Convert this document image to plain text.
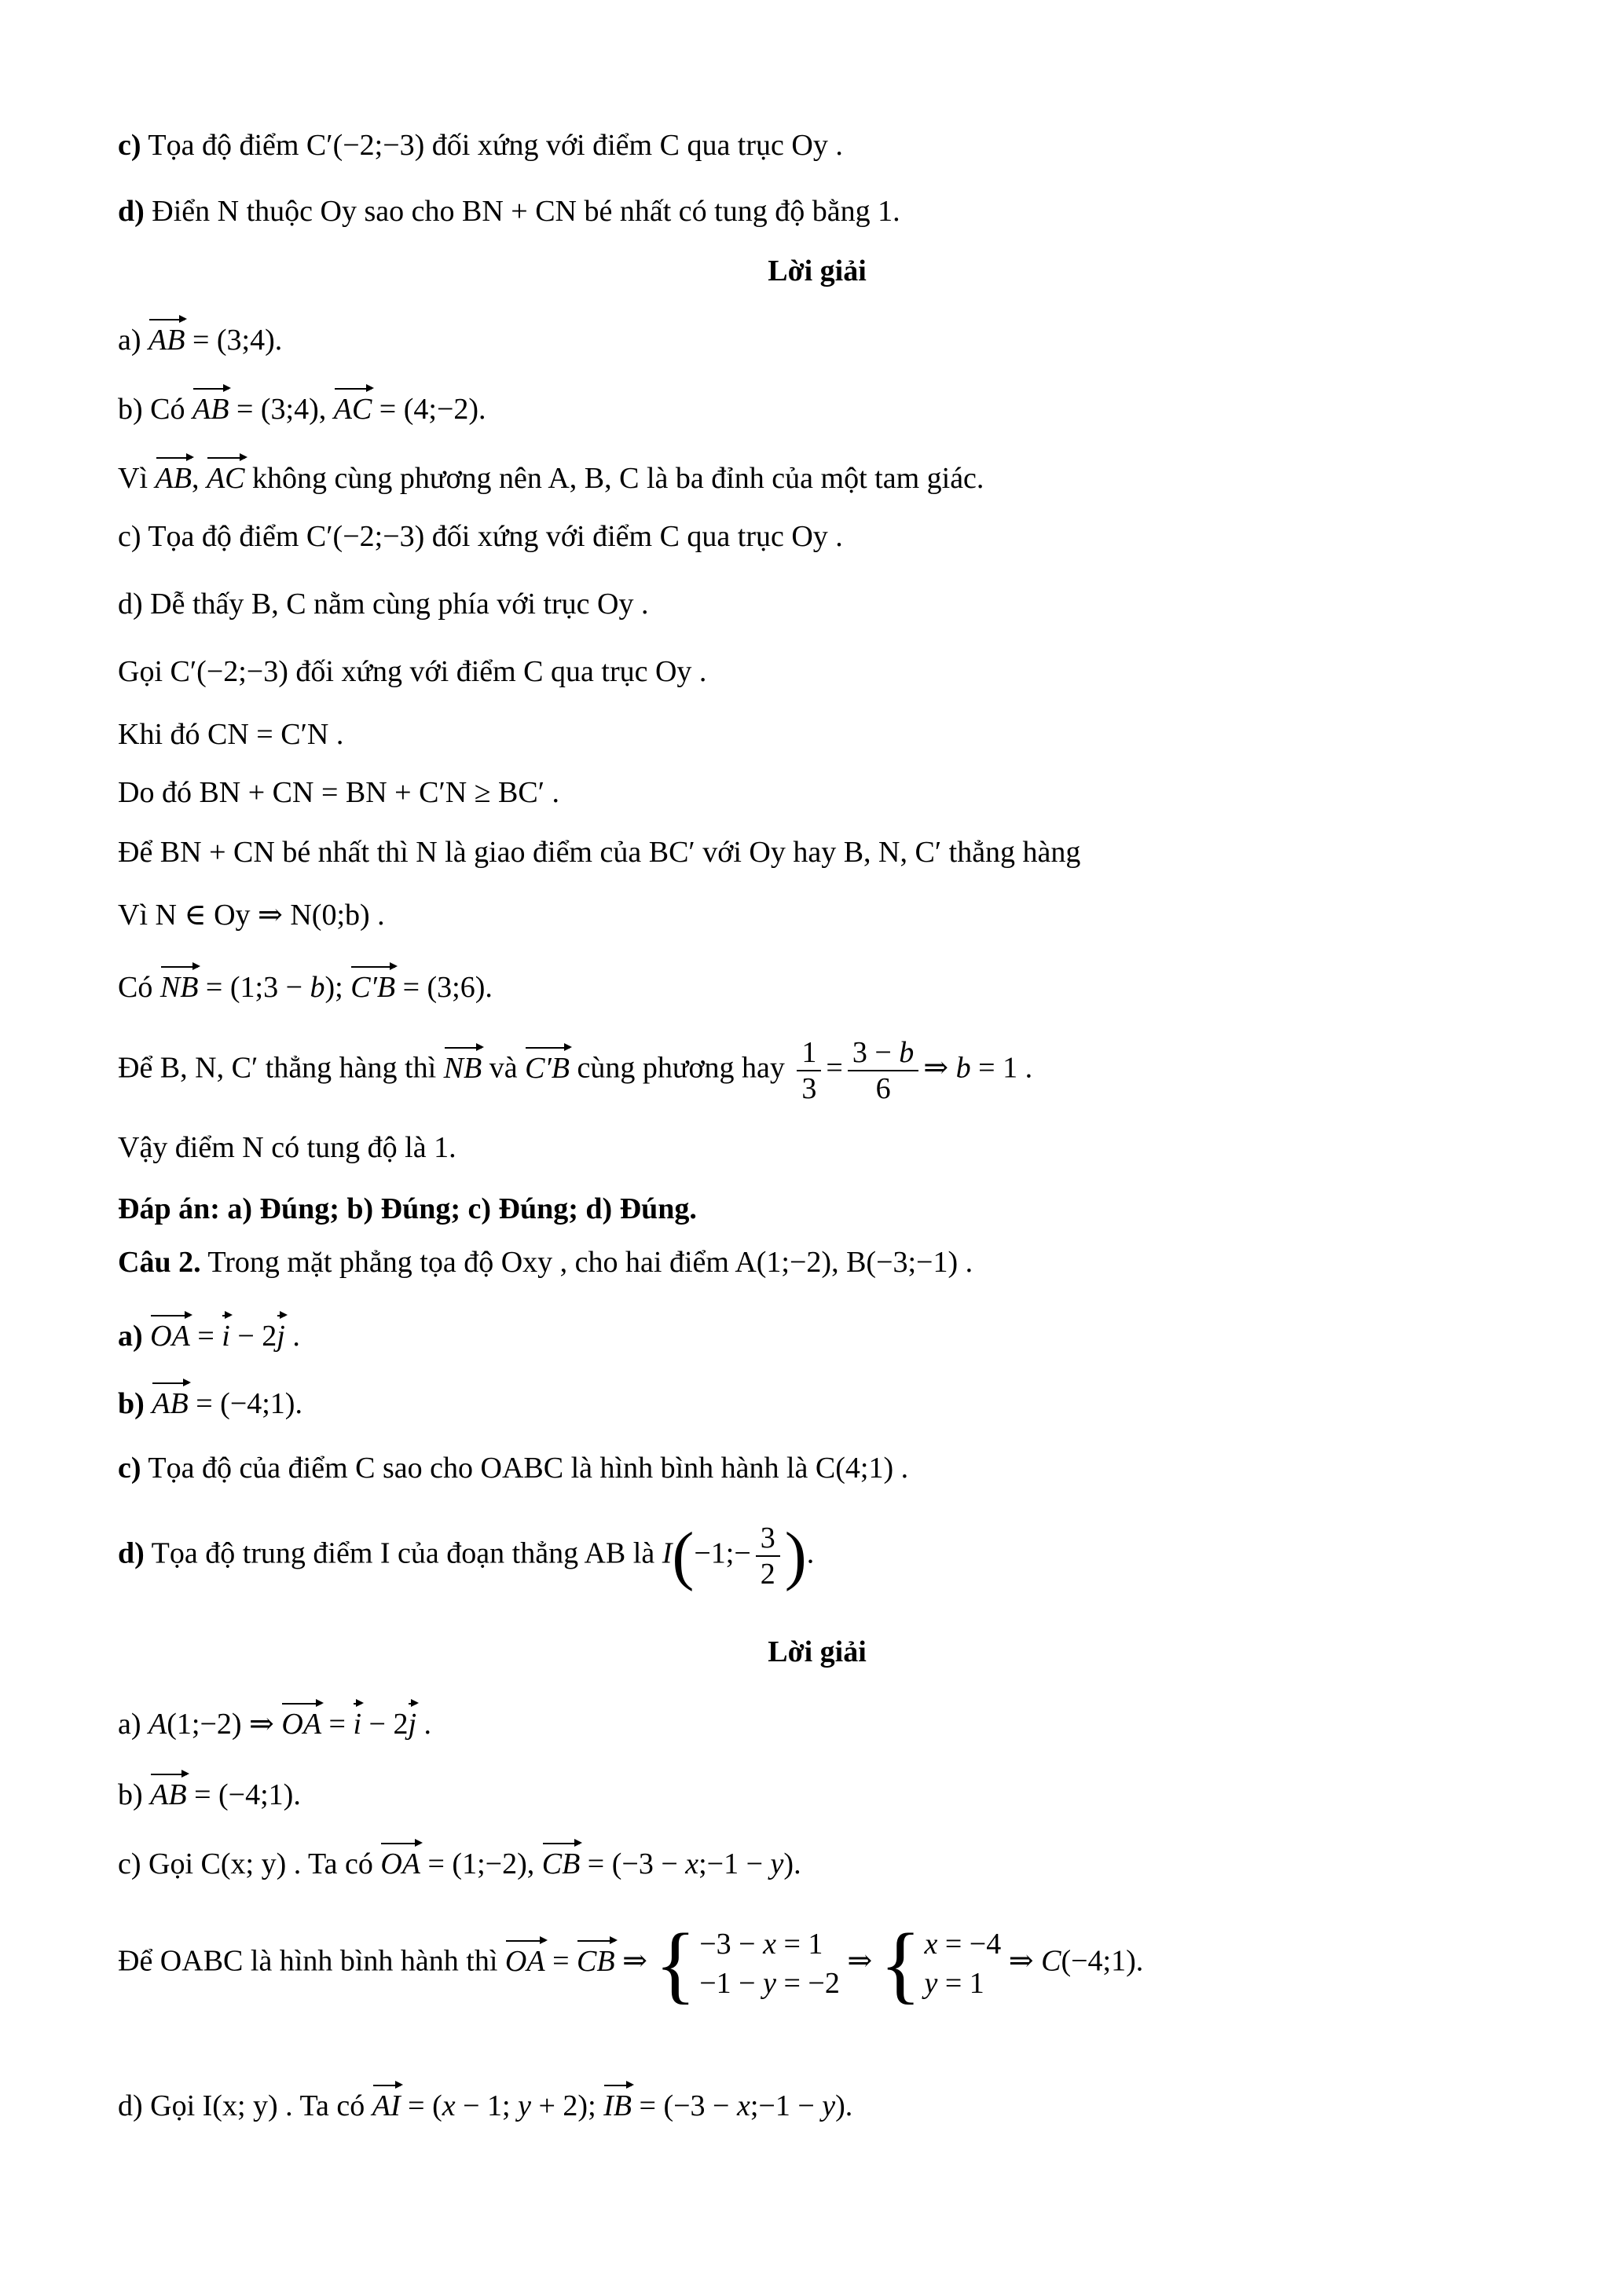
c) Tọa độ điểm C′(−2;−3) đối xứng với điểm C qua trục Oy .
d) Điển N thuộc Oy sao cho BN + CN bé nhất có tung độ bằng 1.
Lời giải
a) AB = (3;4).
b) Có AB = (3;4), AC = (4;−2).
Vì AB, AC không cùng phương nên A, B, C là ba đỉnh của một tam giác.
c) Tọa độ điểm C′(−2;−3) đối xứng với điểm C qua trục Oy .
d) Dễ thấy B, C nằm cùng phía với trục Oy .
Gọi C′(−2;−3) đối xứng với điểm C qua trục Oy .
Khi đó CN = C′N .
Do đó BN + CN = BN + C′N ≥ BC′ .
Để BN + CN bé nhất thì N là giao điểm của BC′ với Oy hay B, N, C′ thẳng hàng
Vì N ∈ Oy ⇒ N(0;b) .
Có NB = (1;3 − b); C′B = (3;6).
Để B, N, C′ thẳng hàng thì NB và C′B cùng phương hay $\frac{1}{3} = \frac{3 - b}{6}$ ⇒ b = 1 .
Vậy điểm N có tung độ là 1.
Đáp án: a) Đúng; b) Đúng; c) Đúng; d) Đúng.
Câu 2. Trong mặt phẳng tọa độ Oxy , cho hai điểm A(1;−2), B(−3;−1) .
a) OA = i − 2j .
b) AB = (−4;1).
c) Tọa độ của điểm C sao cho OABC là hình bình hành là C(4;1) .
d) Tọa độ trung điểm I của đoạn thẳng AB là I(−1;− $\frac{3}{2}$ ).
Lời giải
a) A(1;−2) ⇒ OA = i − 2j .
b) AB = (−4;1).
c) Gọi C(x; y) . Ta có OA = (1;−2), CB = (−3 − x;−1 − y).
Để OABC là hình bình hành thì OA = CB ⇒ { −3 − x = 1
−1 − y = −2
⇒ { x = −4
y = 1
⇒ C(−4;1).
d) Gọi I(x; y) . Ta có AI = (x − 1; y + 2); IB = (−3 − x;−1 − y).
